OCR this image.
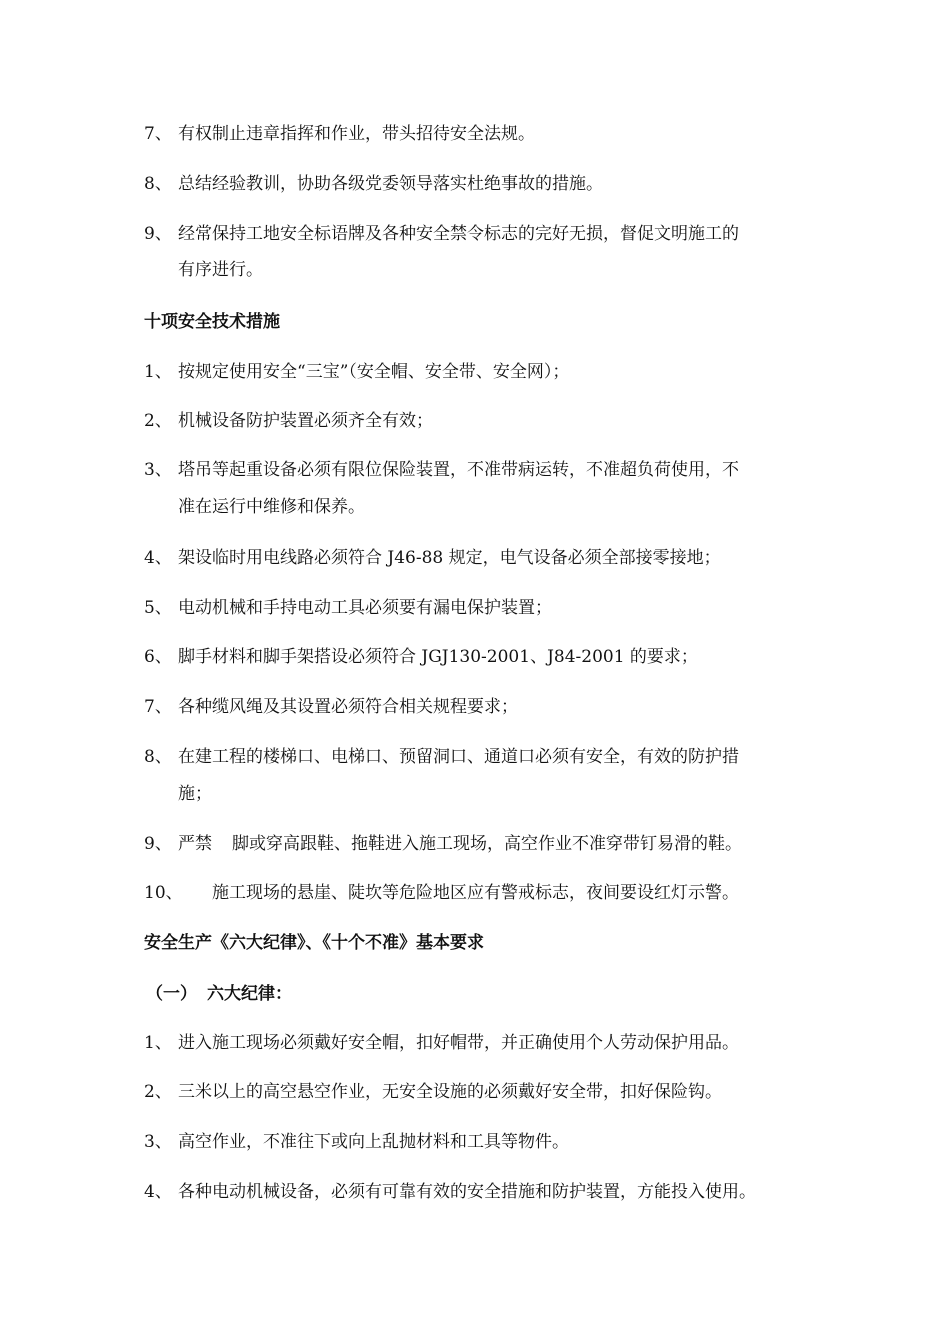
7、 有权制止违章指挥和作业，带头招待安全法规。
8、 总结经验教训，协助各级党委领导落实杜绝事故的措施。
9、 经常保持工地安全标语牌及各种安全禁令标志的完好无损，督促文明施工的
有序进行。
十项安全技术措施
1、 按规定使用安全“三宝”（安全帽、安全带、安全网）；
2、 机械设备防护装置必须齐全有效；
3、 塔吊等起重设备必须有限位保险装置，不准带病运转，不准超负荷使用，不
准在运行中维修和保养。
4、 架设临时用电线路必须符合 J46-88 规定，电气设备必须全部接零接地；
5、 电动机械和手持电动工具必须要有漏电保护装置；
6、 脚手材料和脚手架搭设必须符合 JGJ130-2001、J84-2001 的要求；
7、 各种缆风绳及其设置必须符合相关规程要求；
8、 在建工程的楼梯口、电梯口、预留洞口、通道口必须有安全，有效的防护措
施；
9、 严禁 脚或穿高跟鞋、拖鞋进入施工现场，高空作业不准穿带钉易滑的鞋。
10、 施工现场的悬崖、陡坎等危险地区应有警戒标志，夜间要设红灯示警。
安全生产《六大纪律》、《十个不准》基本要求
（一） 六大纪律：
1、 进入施工现场必须戴好安全帽，扣好帽带，并正确使用个人劳动保护用品。
2、 三米以上的高空悬空作业，无安全设施的必须戴好安全带，扣好保险钩。
3、 高空作业，不准往下或向上乱抛材料和工具等物件。
4、 各种电动机械设备，必须有可靠有效的安全措施和防护装置，方能投入使用。
